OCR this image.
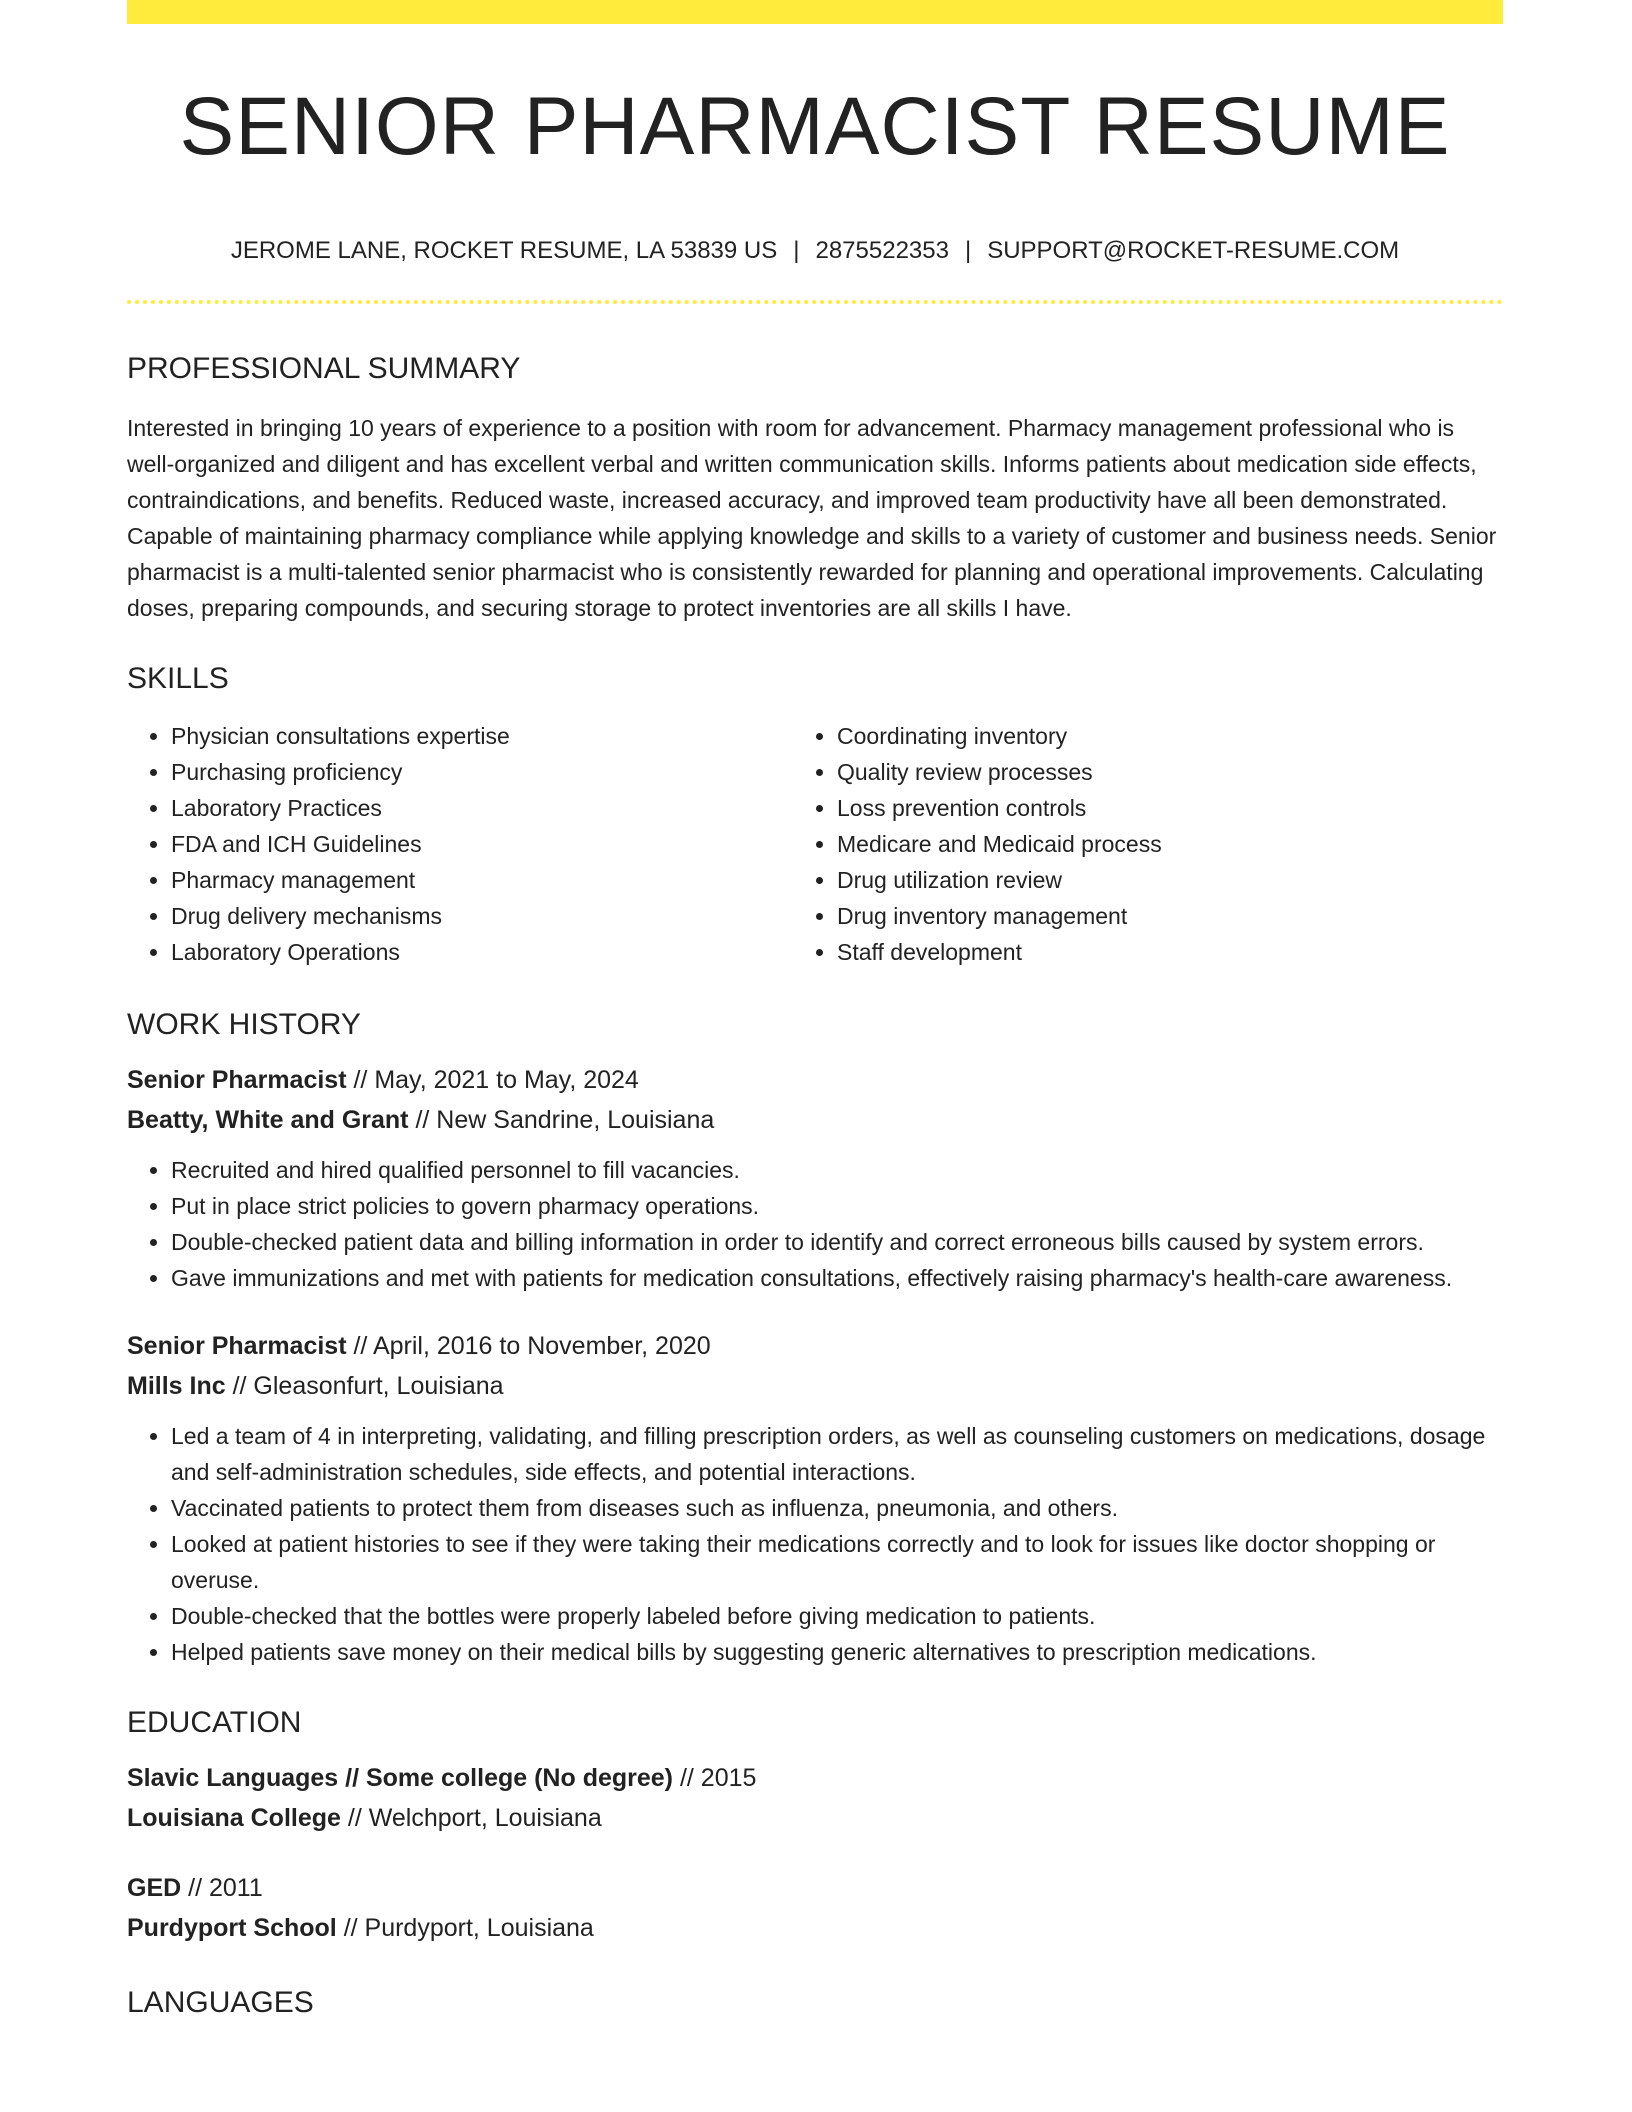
SENIOR PHARMACIST RESUME
JEROME LANE, ROCKET RESUME, LA 53839 US | 2875522353 | SUPPORT@ROCKET-RESUME.COM
PROFESSIONAL SUMMARY

Interested in bringing 10 years of experience to a position with room for advancement. Pharmacy management professional who is well-organized and diligent and has excellent verbal and written communication skills. Informs patients about medication side effects, contraindications, and benefits. Reduced waste, increased accuracy, and improved team productivity have all been demonstrated. Capable of maintaining pharmacy compliance while applying knowledge and skills to a variety of customer and business needs. Senior pharmacist is a multi-talented senior pharmacist who is consistently rewarded for planning and operational improvements. Calculating doses, preparing compounds, and securing storage to protect inventories are all skills I have.

SKILLS
• Physician consultations expertise
• Purchasing proficiency
• Laboratory Practices
• FDA and ICH Guidelines
• Pharmacy management
• Drug delivery mechanisms
• Laboratory Operations
• Coordinating inventory
• Quality review processes
• Loss prevention controls
• Medicare and Medicaid process
• Drug utilization review
• Drug inventory management
• Staff development
WORK HISTORY
Senior Pharmacist // May, 2021 to May, 2024
Beatty, White and Grant // New Sandrine, Louisiana
• Recruited and hired qualified personnel to fill vacancies.
• Put in place strict policies to govern pharmacy operations.
• Double-checked patient data and billing information in order to identify and correct erroneous bills caused by system errors.
• Gave immunizations and met with patients for medication consultations, effectively raising pharmacy's health-care awareness.
Senior Pharmacist // April, 2016 to November, 2020
Mills Inc // Gleasonfurt, Louisiana
• Led a team of 4 in interpreting, validating, and filling prescription orders, as well as counseling customers on medications, dosage and self-administration schedules, side effects, and potential interactions.
• Vaccinated patients to protect them from diseases such as influenza, pneumonia, and others.
• Looked at patient histories to see if they were taking their medications correctly and to look for issues like doctor shopping or overuse.
• Double-checked that the bottles were properly labeled before giving medication to patients.
• Helped patients save money on their medical bills by suggesting generic alternatives to prescription medications.
EDUCATION
Slavic Languages // Some college (No degree) // 2015
Louisiana College // Welchport, Louisiana
GED // 2011
Purdyport School // Purdyport, Louisiana
LANGUAGES
